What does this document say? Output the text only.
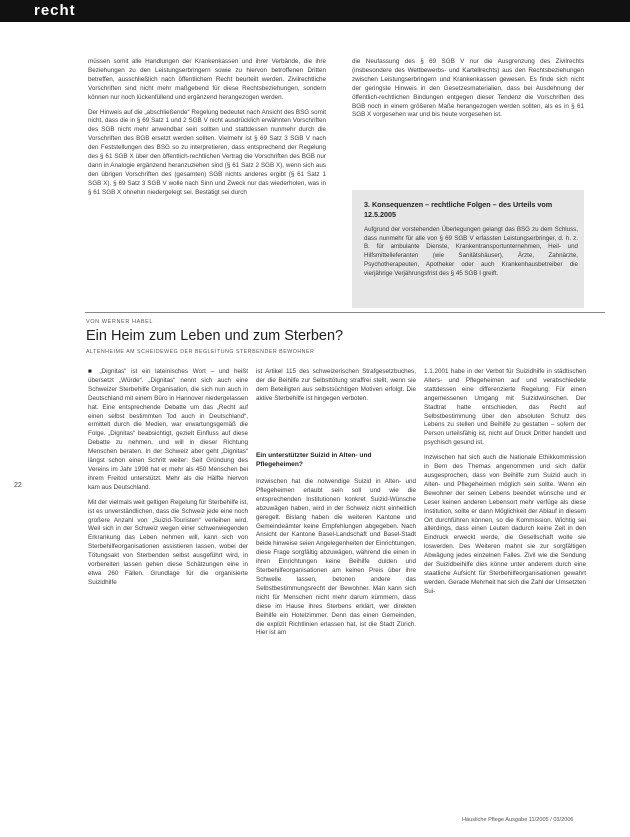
recht

müssen somit alle Handlungen der Krankenkassen und ihrer Verbände, die ihre Beziehungen zu den Leistungserbringern sowie zu hiervon betroffenen Dritten betreffen, ausschließlich nach öffentlichem Recht beurteilt werden. Zivilrechtliche Vorschriften sind nicht mehr maßgebend für diese Rechtsbeziehungen, sondern können nur noch lückenfüllend und ergänzend herangezogen werden.

Der Hinweis auf die „abschließende“ Regelung bedeutet nach Ansicht des BSG somit nicht, dass die in § 69 Satz 1 und 2 SGB V nicht ausdrücklich erwähnten Vorschriften des SGB nicht mehr anwendbar sein sollten und stattdessen nunmehr durch die Vorschriften des BGB ersetzt werden sollten. Vielmehr ist § 69 Satz 3 SGB V nach den Feststellungen des BSG so zu interpretieren, dass entsprechend der Regelung des § 61 SGB X über den öffentlich-rechtlichen Vertrag die Vorschriften des BGB nur dann in Analogie ergänzend heranzuziehen sind (§ 61 Satz 2 SGB X), wenn sich aus den übrigen Vorschriften des (gesamten) SGB nichts anderes ergibt (§ 61 Satz 1 SGB X). § 69 Satz 3 SGB V wolle nach Sinn und Zweck nur das wiederholen, was in § 61 SGB X ohnehin niedergelegt sei. Bestätigt sei durch

die Neufassung des § 69 SGB V nur die Ausgrenzung des Zivilrechts (insbesondere des Wettbewerbs- und Kartellrechts) aus den Rechtsbeziehungen zwischen Leistungserbringern und Krankenkassen gewesen. Es finde sich nicht der geringste Hinweis in den Gesetzesmaterialien, dass bei Ausdehnung der öffentlich-rechtlichen Bindungen entgegen dieser Tendenz die Vorschriften des BGB noch in einem größeren Maße herangezogen werden sollten, als es in § 61 SGB X vorgesehen war und bis heute vorgesehen ist.

3. Konsequenzen – rechtliche Folgen – des Urteils vom 12.5.2005
Aufgrund der vorstehenden Überlegungen gelangt das BSG zu dem Schluss, dass nunmehr für alle von § 69 SGB V erfassten Leistungserbringer, d. h. z. B. für ambulante Dienste, Krankentransportunternehmen, Heil- und Hilfsmittelleferanten (wie Sanitätshäuser), Ärzte, Zahnärzte, Psychotherapeuten, Apotheker oder auch Krankenhausbetreiber die vierjährige Verjährungsfrist des § 45 SGB I greift.
VON WERNER HABEL
Ein Heim zum Leben und zum Sterben?
ALTENHEIME AM SCHEIDEWEG DER BEGLEITUNG STERBENDER BEWOHNER

■ „Dignitas“ ist ein lateinisches Wort – und heißt übersetzt „Würde“. „Dignitas“ nennt sich auch eine Schweizer Sterbehilfe Organisation, die sich nun auch in Deutschland mit einem Büro in Hannover niedergelassen hat. Eine entsprechende Debatte um das „Recht auf einen selbst bestimmten Tod auch in Deutschland“, ermittelt durch die Medien, war erwartungsgemäß die Folge. „Dignitas“ beabsichtigt, gezielt Einfluss auf diese Debatte zu nehmen, und will in dieser Richtung Menschen beraten. In der Schweiz aber geht „Dignitas“ längst schon einen Schritt weiter: Seit Gründung des Vereins im Jahr 1998 hat er mehr als 450 Menschen bei ihrem Freitod unterstützt. Mehr als die Hälfte hiervon kam aus Deutschland.

Mit der vielmals weit geltigen Regelung für Sterbehilfe ist, ist es unverständlichen, dass die Schweiz jede eine noch großere Anzahl von „Suizid-Touristen“ verleihen wird. Weil sich in der Schweiz wegen einer schwerwiegenden Erkrankung das Leben nehmen will, kann sich von Sterbehilfeorganisationen assistieren lassen, wobei der Tötungsakt von Sterbenden selbst ausgeführt wird, in vorbereiten lassen gehen diese Schätzungen eine in etwa 260 Fällen. Grundlage für die organisierte Suizidhilfe

ist Artikel 115 des schweizerischen Strafgesetzbuches, der die Beihilfe zur Selbsttötung straffrei stellt, wenn sie dem Beteiligten aus selbstsüchtigen Motiven erfolgt. Die aktive Sterbehilfe ist hingegen verboten.

Ein unterstützter Suizid in Alten- und Pflegeheimen?

Inzwischen hat die notwendige Suizid in Alten- und Pflegeheimen erlaubt sein soll und wie die entsprechenden Institutionen konkret Suizid-Wünsche abzuwägen haben, wird in der Schweiz nicht einheitlich geregelt. Bislang haben die weiteren Kantone und Gemeindeämter keine Empfehlungen abgegeben. Nach Ansicht der Kantone Basel-Landschaft und Basel-Stadt beide hinweise seien Angelegenheiten der Einrichtungen, diese Frage sorgfältig abzuwägen, während die einen in ihren Einrichtungen keine Beihilfe dulden und Sterbehilfeorganisationen am keinen Preis über ihre Schwelle lassen, betonen andere das Selbstbestimmungsrecht der Bewohner. Man kann sich nicht für Menschen nicht mehr darum kümmern, dass diese im Hause ihres Sterbens erklärt, wer direkten Beihilfe ein Hotelzimmer. Denn das einen Gemeinden, die explizit Richtlinien erlassen hat, ist die Stadt Zürich. Hier ist am

1.1.2001 habe in der Verbot für Suizidhilfe in städtischen Alters- und Pflegeheimen auf und verabschiedete stattdessen eine differenzierte Regelung: Für einen angemessenen Umgang mit Suizidwünschen. Der Stadtrat hatte entschieden, das Recht auf Selbstbestimmung über den absoluten Schutz des Lebens zu stellen und Beihilfe zu gestatten – sofern der Person urteilsfähig ist, nicht auf Druck Dritter handelt und psychisch gesund ist.

Inzwischen hat sich auch die Nationale Ethikkommission in Bern des Themas angenommen und sich dafür ausgesprochen, dass von Beihilfe zum Suizid auch in Alten- und Pflegeheimen möglich sein sollte. Wenn ein Bewohner der seinen Lebens beendet wünsche und er Leser keinen anderen Lebensort mehr verfüge als diese Institution, sollte er dann Möglichkeit der Ablauf in diesem Ort durchführen können, so die Kommission. Wichtig sei allerdings, dass einen Leuten dadurch keine Zeit in den Eindruck erweckt werde, die Gesellschaft wolle sie loswerden. Des Weiteren mahnt sie zur sorgfältigen Abwägung jedes einzelnen Falles. Zivil wie die Sendung der Suizidbeihilfe dies könne unter anderem durch eine staatliche Aufsicht für Sterbehilfeorganisationen gewahrt werden. Gerade Mehrheit hat sich die Zahl der Umsetzten Sui-

22
Häusliche Pflege Ausgabe 11/2005 / 03/2006
